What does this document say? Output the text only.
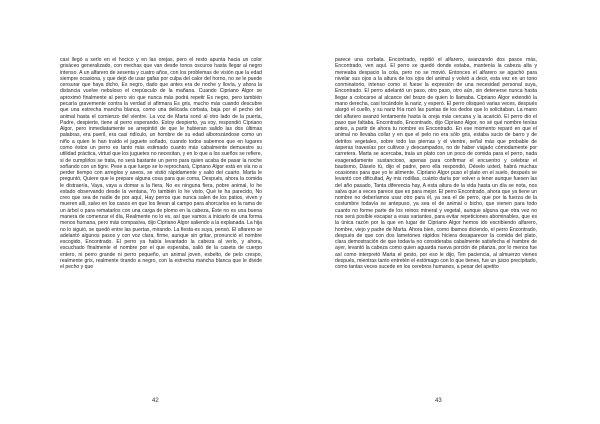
casi llegó a serlo en el hocico y en las orejas, pero el resto apunta hacia un color grisáceo generalizado, con mechas que van desde tonos oscuros hasta llegar al negro intenso. A un alfarero de sesenta y cuatro años, con los problemas de visión que la edad siempre ocasiona, y que dejó de usar gafas por culpa del calor del horno, no se le puede censurar que haya dicho, Es negro, dado que antes era de noche y llovía, y ahora la distancia vuelve nebuloso el crepúsculo de la mañana. Cuando Cipriano Algor se aproximó finalmente al perro vio que nunca más podrá repetir Es negro, pero también pecaría gravemente contra la verdad si afirmara Es gris, mucho más cuando descubre que una estrecha mancha blanca, como una delicada corbata, baja por el pecho del animal hasta el comienzo del vientre. La voz de Marta sonó al otro lado de la puerta, Padre, despierte, tiene al perro esperando. Estoy despierto, ya voy, respondió Cipriano Algor, pero inmediatamente se arrepintió de que le hubieran salido las dos últimas palabras, era pueril, era casi ridículo, un hombre de su edad alborozándose como un niño a quien le han traído el juguete soñado, cuando todos sabemos que en lugares como éstos un perro es tanto más estimado cuanto más cabalmente demuestre su utilidad práctica, virtud que los juguetes no necesitan, y en lo que a los sueños se refiere, si de cumplirlos se trata, no será bastante un perro para quien acaba de pasar la noche soñando con un tigre. Pese a que luego se lo reprochará, Cipriano Algor está en vía no a perder tiempo con arreglos y aseos, se vistió rápidamente y salió del cuarto. Marta le preguntó, Quiere que le prepare alguna cosa para que coma, Después, ahora la comida le distraería, Vaya, vaya a domar a la fiera, No es ninguna fiera, pobre animal, lo he estado observando desde la ventana, Yo también lo he visto, Qué te ha parecido, No creo que sea de nadie de por aquí, Hay perros que nunca salen de los patios, viven y mueren allí, salvo en los casos en que los llevan al campo para ahorcarlos en la rama de un árbol o para rematarlos con una carga de plomo en la cabeza, Éste no es una buena manera de comenzar el día, Realmente no lo es, así que vamos a iniciarlo de una forma menos humana, pero más compasiva, dijo Cipriano Algor saliendo a la explanada. La hija no lo siguió, se quedó entre las puertas, mirando. La fiesta es suya, pensó. El alfarero se adelantó algunos pasos y con voz clara, firme, aunque sin gritar, pronunció el nombre escogido, Encontrado. El perro ya había levantado la cabeza al verlo, y ahora, escuchado finalmente el nombre por el que esperaba, salió de la caseta de cuerpo entero, ni perro grande ni perro pequeño, un animal joven, esbelto, de pelo crespo, realmente gris, realmente tirando a negro, con la estrecha mancha blanca que le divide el pecho y que

42

parece una corbata. Encontrado, repitió el alfarero, avanzando dos pasos más, Encontrado, ven aquí. El perro se quedó donde estaba, mantenía la cabeza alta y meneaba despacio la cola, pero no se movió. Entonces el alfarero se agachó para nivelar sus ojos a la altura de los ojos del animal y volvió a decir, esta vez en un tono conminatorio, intenso como si fuese la expresión de una necesidad personal suya, Encontrado. El perro adelantó un paso, otro paso, otro aún, sin detenerse nunca hasta llegar a colocarse al alcance del brazo de quien lo llamaba. Cipriano Algor extendió la mano derecha, casi tocándole la nariz, y esperó. El perro olisqueó varias veces, después alargó el cuello, y su nariz fría rozó las puntas de los dedos que lo solicitaban. La mano del alfarero avanzó lentamente hasta la oreja más cercana y la acarició. El perro dio el paso que faltaba, Encontrado, Encontrado, dijo Cipriano Algor, no sé qué nombre tenías antes, a partir de ahora tu nombre es Encontrado. En ese momento reparó en que el animal no llevaba collar y en que el pelo no era sólo gris, estaba sucio de barro y de detritos vegetales, sobre todo las piernas y el vientre, señal más que probable de ásperas travesías por cultivos y descampados, no de haber viajado cómodamente por carretera. Marta se acercaba, traía un plato con un poco de comida para el perro, nada exageradamente sustancioso, apenas para confirmar el encuentro y celebrar el bautismo, Dáselo tú, dijo el padre, pero ella respondió, Déselo usted, habrá muchas ocasiones para que yo le alimente. Cipriano Algor puso el plato en el suelo, después se levantó con dificultad, Ay mis rodillas, cuánto daría por volver a tener aunque fuesen las del año pasado, Tanta diferencia hay, A esta altura de la vida hasta un día se nota, nos salva que a veces parece que es para mejor. El perro Encontrado, ahora que ya tiene un nombre no deberíamos usar otro para él, ya sea el de perro, que por la fuerza de la costumbre todavía se antepuso, ya sea el de animal o bicho, que vienen para todo cuanto no forme parte de los reinos mineral y vegetal, aunque alguna que otra vez no nos será posible escapar a esas variantes, para evitar repeticiones abominables, que es la única razón por la que en lugar de Cipriano Algor hemos ido escribiendo alfarero, hombre, viejo y padre de Marta. Ahora bien, como íbamos diciendo, el perro Encontrado, después de que con dos lametones rápidos hiciera desaparecer la comida del plato, clara demostración de que todavía no consideraba cabalmente satisfecha el hambre de ayer, levantó la cabeza como quien aguarda nueva porción de pitanza, por lo menos fue así como interpretó Marta el gesto, por eso le dijo, Ten paciencia, al almuerzo vienes después, mientras tanto entretén el estómago con lo que tienes, fue un juicio precipitado, como tantas veces sucede en los cerebros humanos, a pesar del apetito

43
